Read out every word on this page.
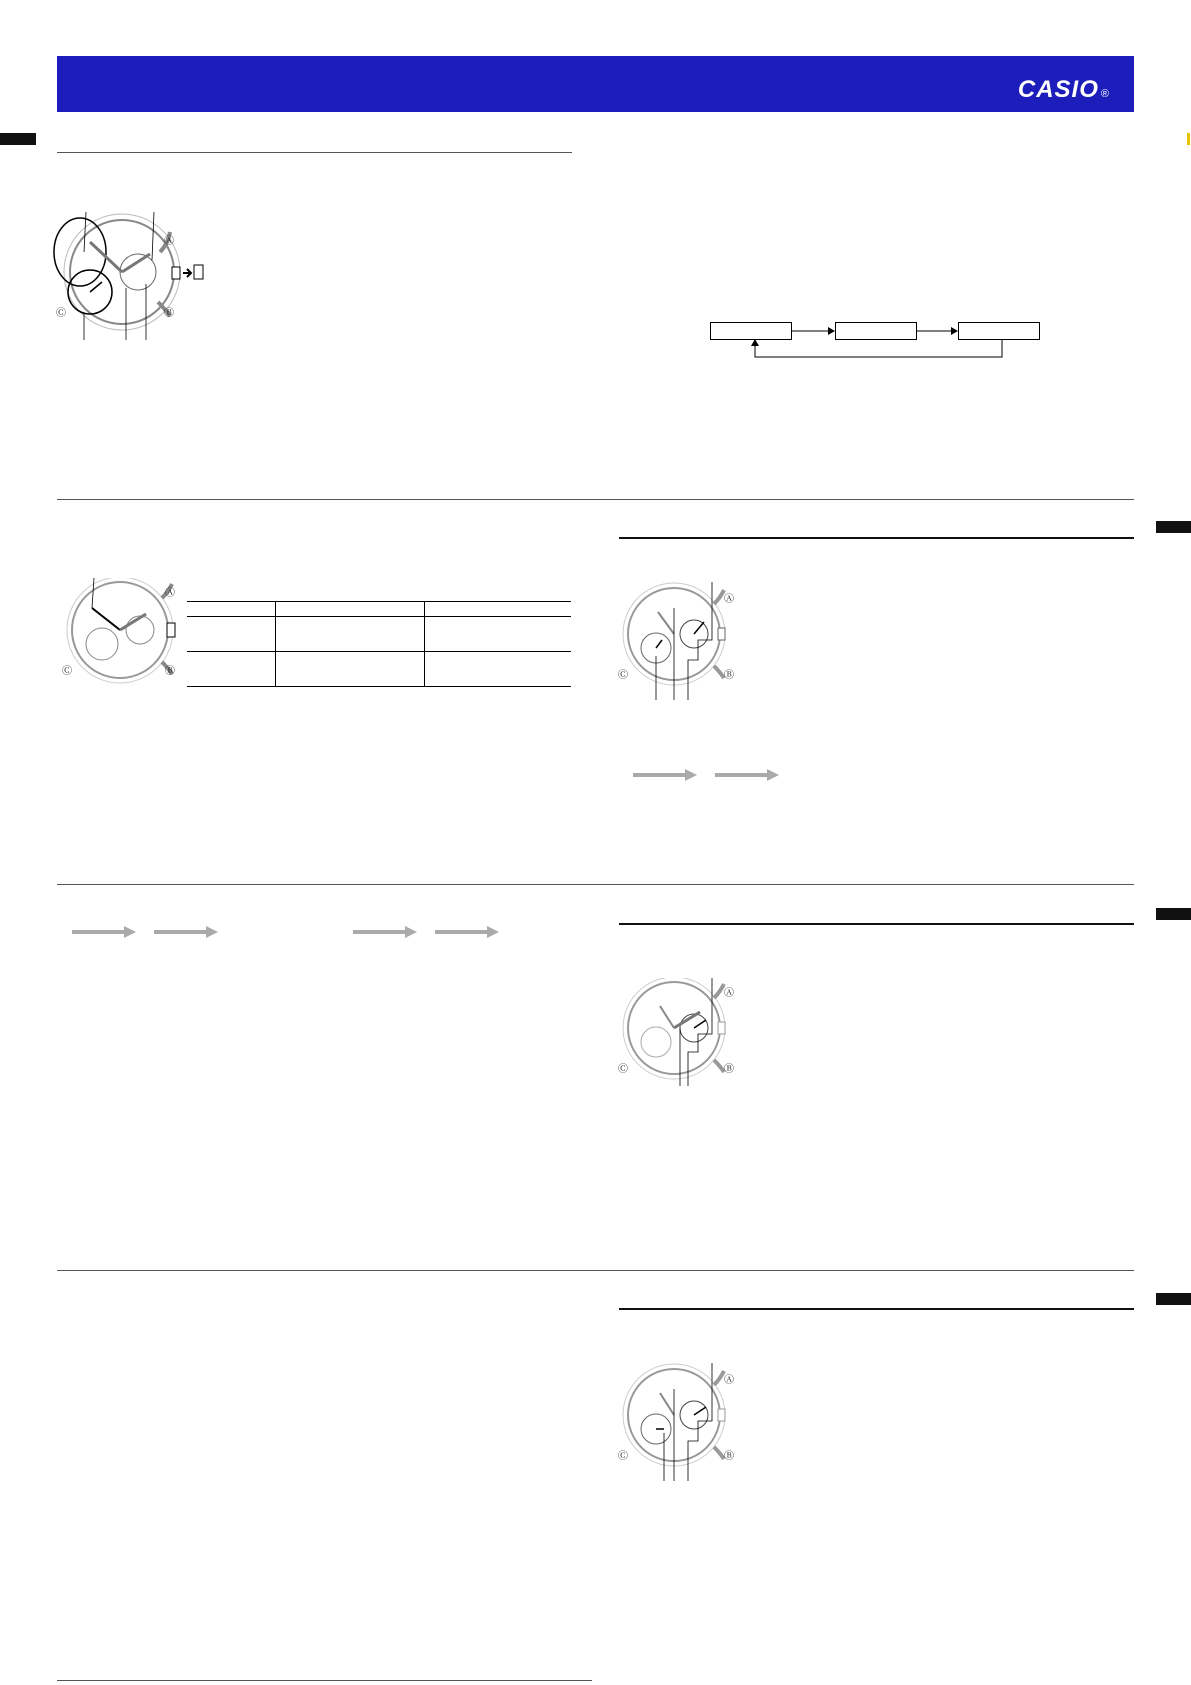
CASIO ®
Ⓐ
Ⓑ
Ⓒ
Ⓐ
Ⓑ
Ⓒ

Ⓐ
Ⓑ
Ⓒ
Ⓐ
Ⓑ
Ⓒ
Ⓐ
Ⓑ
Ⓒ
